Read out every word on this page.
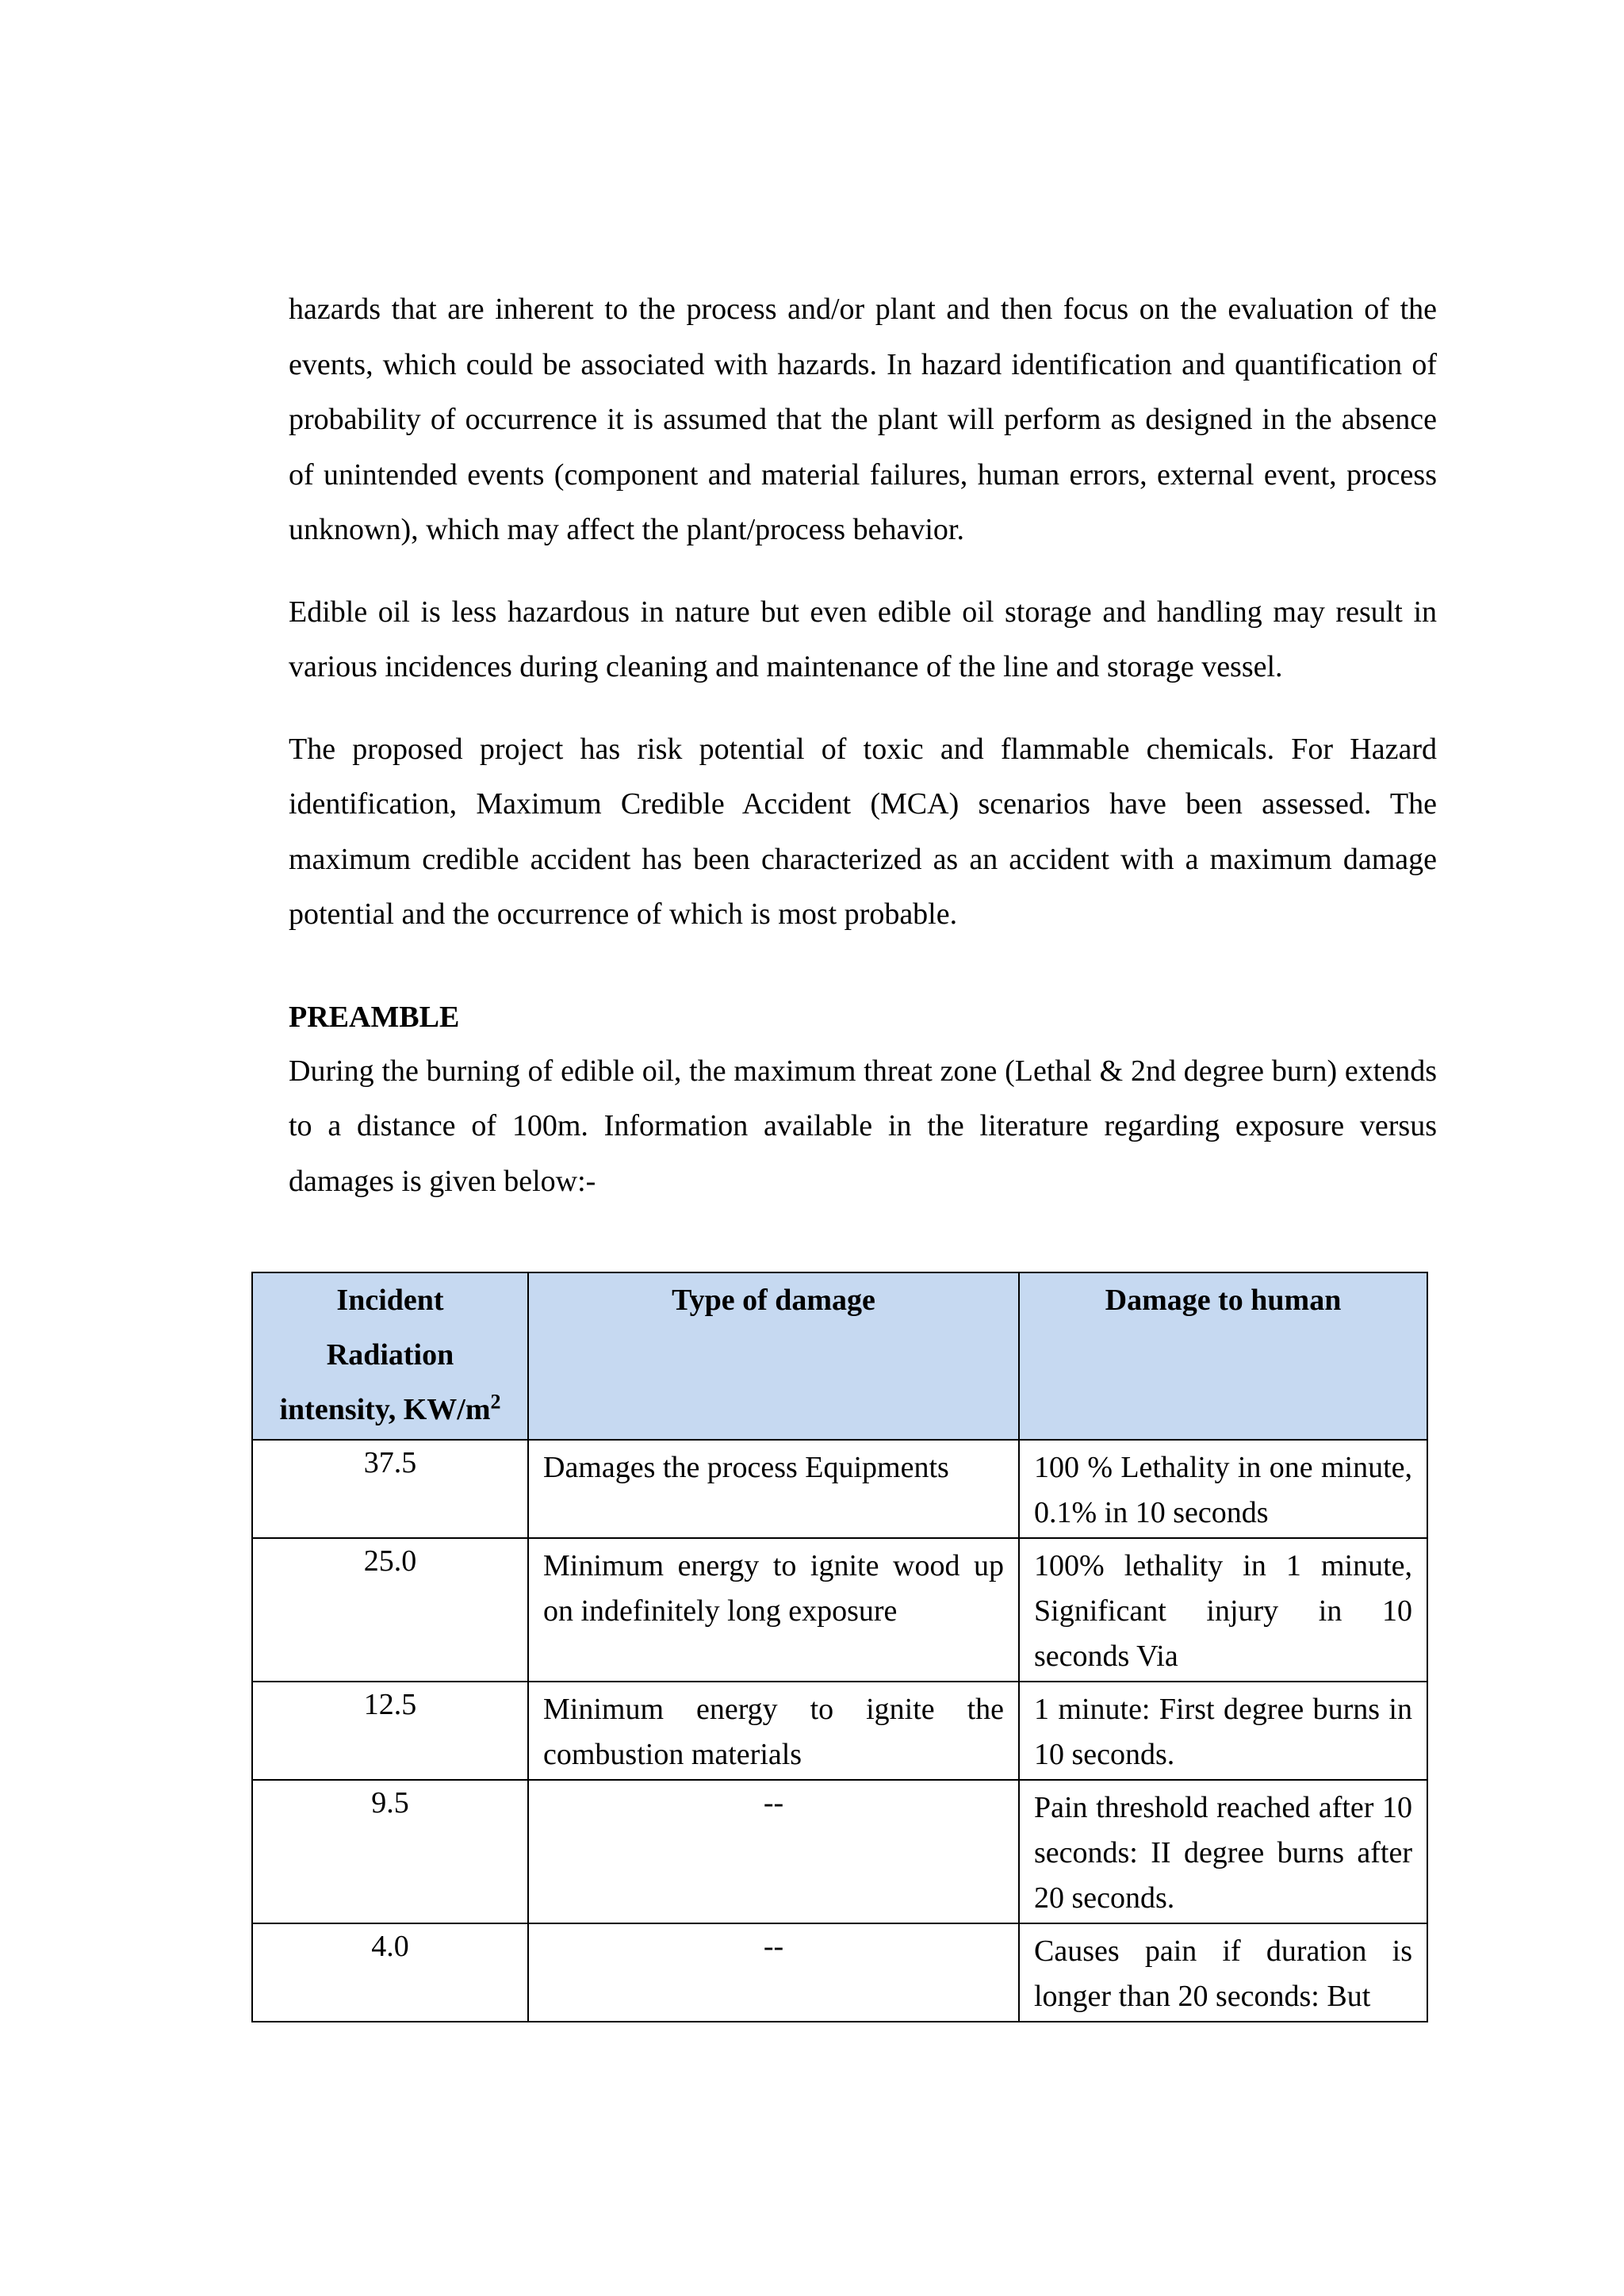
hazards that are inherent to the process and/or plant and then focus on the evaluation of the events, which could be associated with hazards. In hazard identification and quantification of probability of occurrence it is assumed that the plant will perform as designed in the absence of unintended events (component and material failures, human errors, external event, process unknown), which may affect the plant/process behavior.

Edible oil is less hazardous in nature but even edible oil storage and handling may result in various incidences during cleaning and maintenance of the line and storage vessel.

The proposed project has risk potential of toxic and flammable chemicals. For Hazard identification, Maximum Credible Accident (MCA) scenarios have been assessed. The maximum credible accident has been characterized as an accident with a maximum damage potential and the occurrence of which is most probable.

PREAMBLE

During the burning of edible oil, the maximum threat zone (Lethal & 2nd degree burn) extends to a distance of 100m. Information available in the literature regarding exposure versus damages is given below:-

Incident
Radiation
intensity, $KW/m^2$	Type of damage	Damage to human
37.5	Damages the process Equipments	100 % Lethality in one minute, 0.1% in 10 seconds
25.0	Minimum energy to ignite wood up on indefinitely long exposure	100% lethality in 1 minute, Significant injury in 10 seconds Via
12.5	Minimum energy to ignite the combustion materials	1 minute: First degree burns in 10 seconds.
9.5	--	Pain threshold reached after 10 seconds: II degree burns after 20 seconds.
4.0	--	Causes pain if duration is longer than 20 seconds: But
